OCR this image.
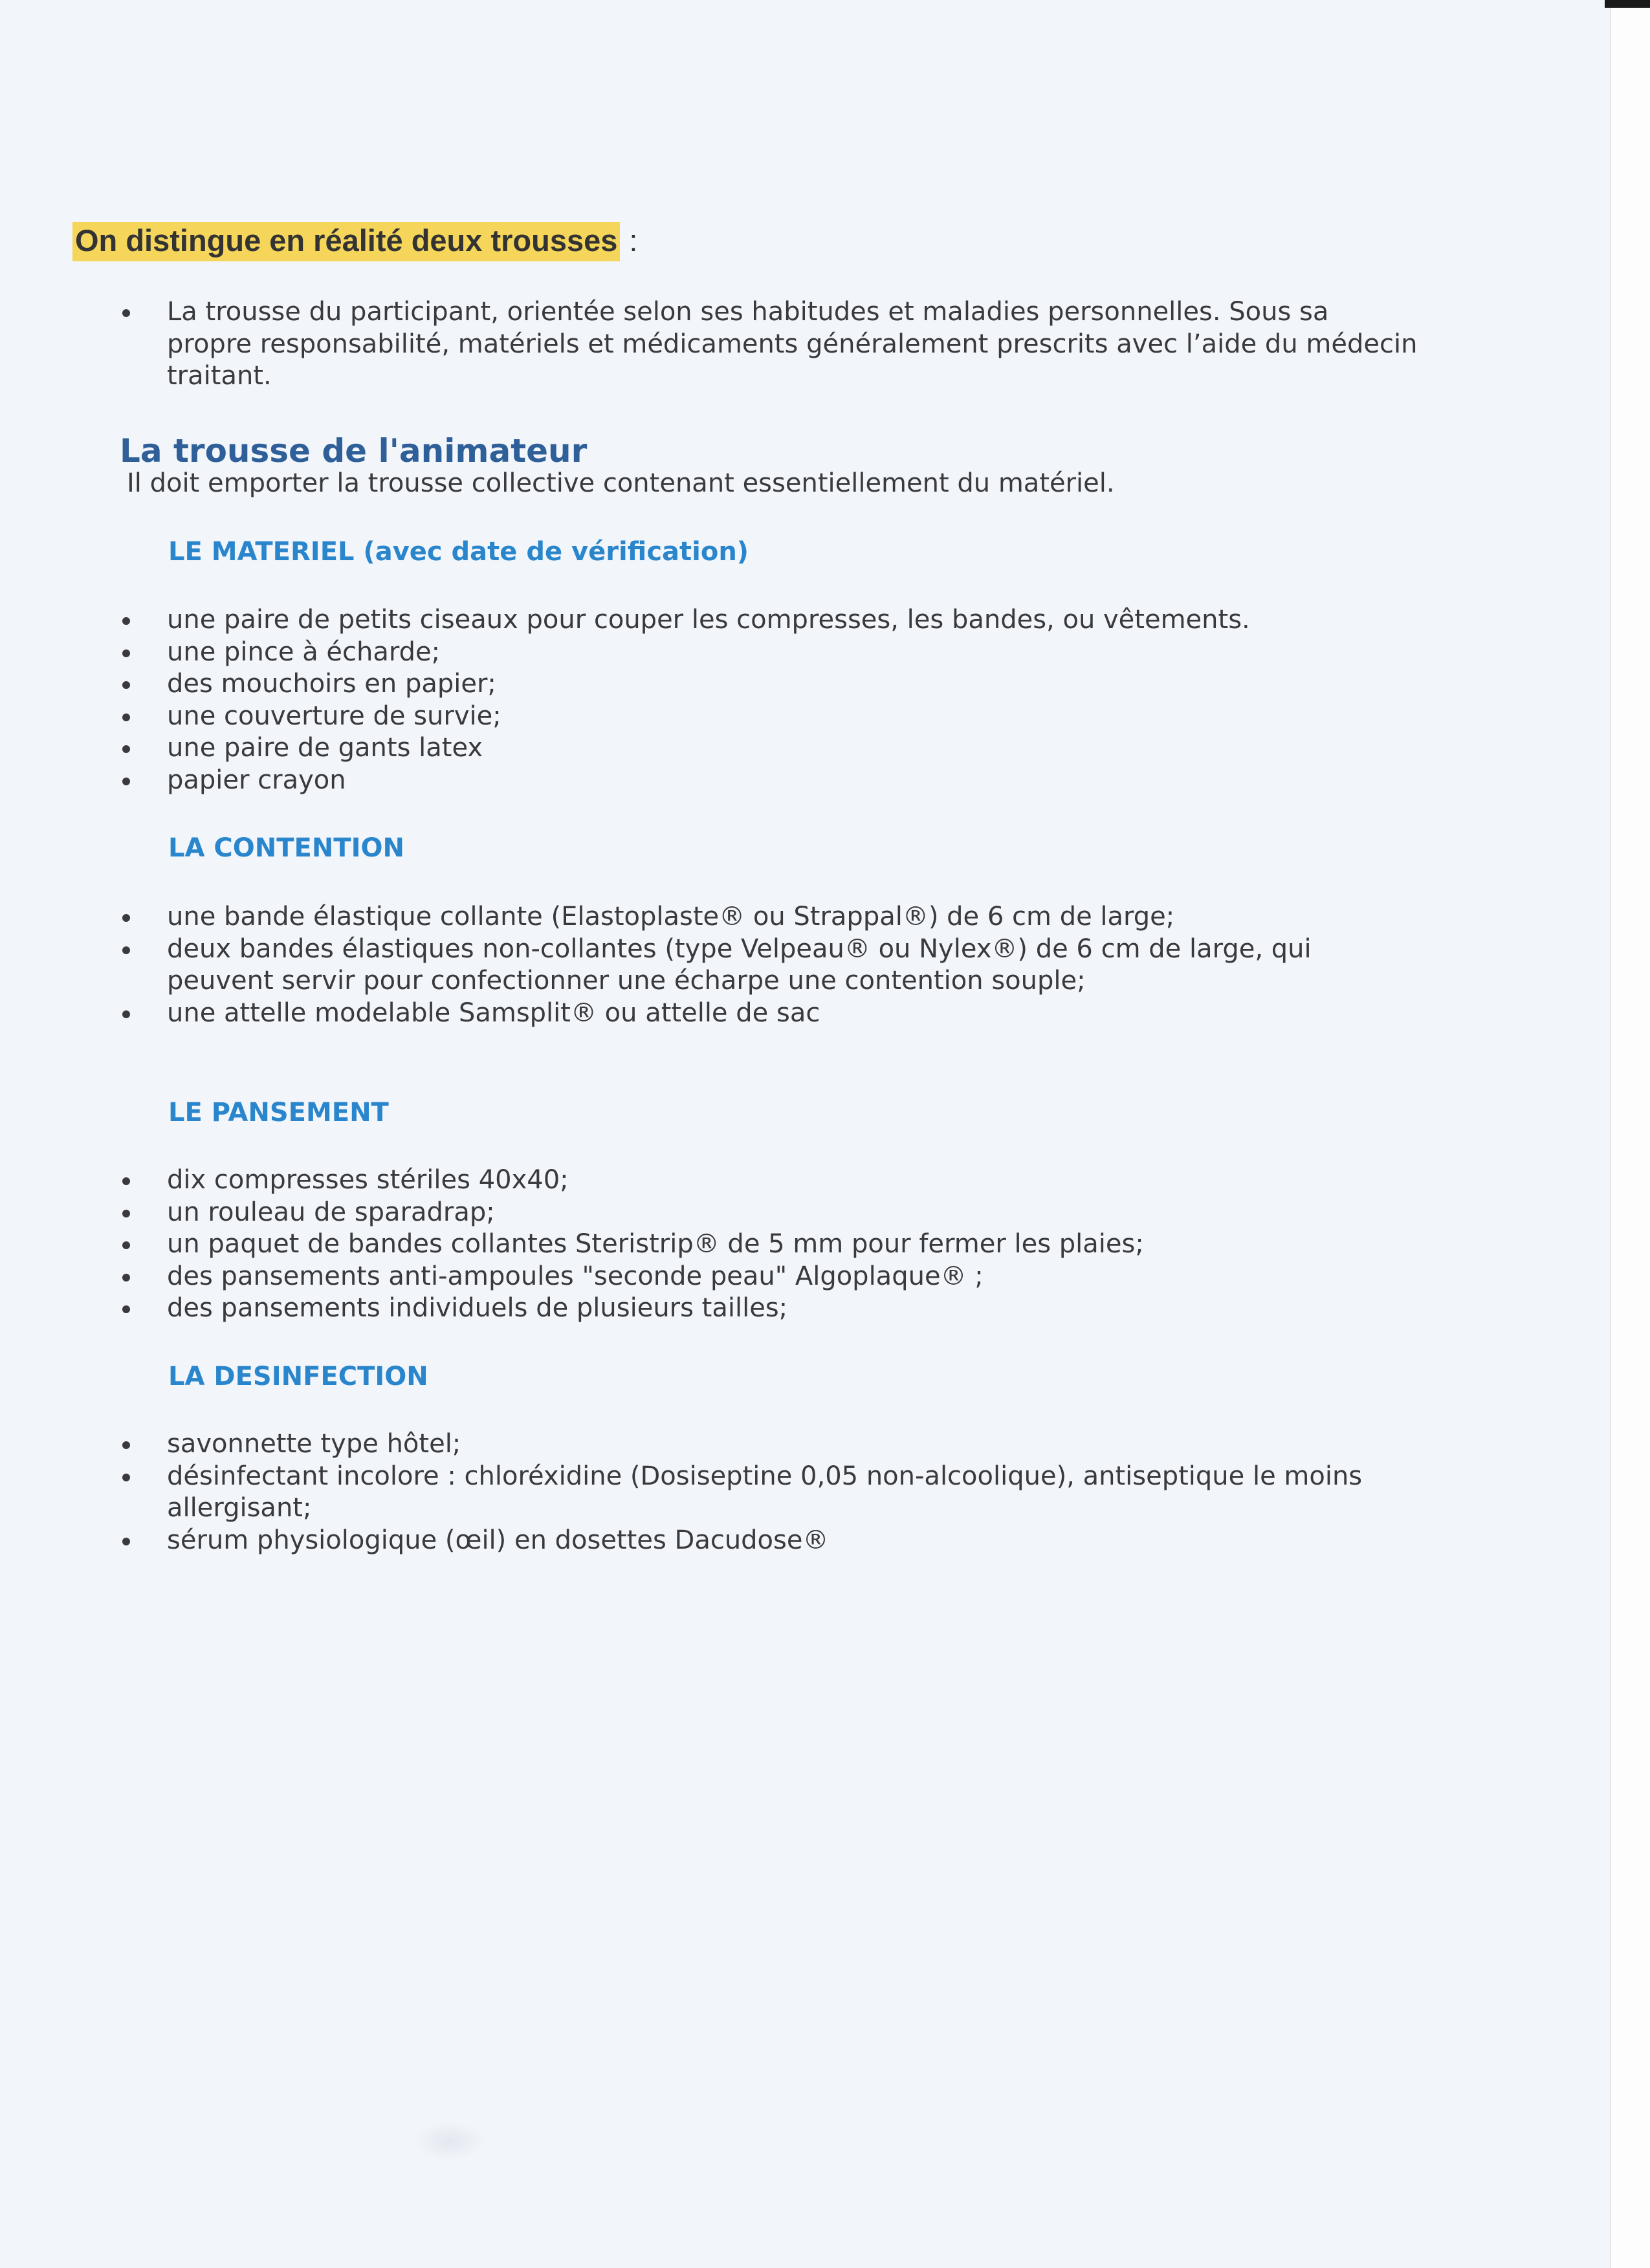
On distingue en réalité deux trousses :
La trousse du participant, orientée selon ses habitudes et maladies personnelles. Sous sa
propre responsabilité, matériels et médicaments généralement prescrits avec l’aide du médecin
traitant.
La trousse de l'animateur
Il doit emporter la trousse collective contenant essentiellement du matériel.
LE MATERIEL (avec date de vérification)
une paire de petits ciseaux pour couper les compresses, les bandes, ou vêtements.
une pince à écharde;
des mouchoirs en papier;
une couverture de survie;
une paire de gants latex
papier crayon
LA CONTENTION
une bande élastique collante (Elastoplaste® ou Strappal®) de 6 cm de large;
deux bandes élastiques non-collantes (type Velpeau® ou Nylex®) de 6 cm de large, qui
peuvent servir pour confectionner une écharpe une contention souple;
une attelle modelable Samsplit® ou attelle de sac
LE PANSEMENT
dix compresses stériles 40x40;
un rouleau de sparadrap;
un paquet de bandes collantes Steristrip® de 5 mm pour fermer les plaies;
des pansements anti-ampoules "seconde peau" Algoplaque® ;
des pansements individuels de plusieurs tailles;
LA DESINFECTION
savonnette type hôtel;
désinfectant incolore : chloréxidine (Dosiseptine 0,05 non-alcoolique), antiseptique le moins
allergisant;
sérum physiologique (œil) en dosettes Dacudose®
